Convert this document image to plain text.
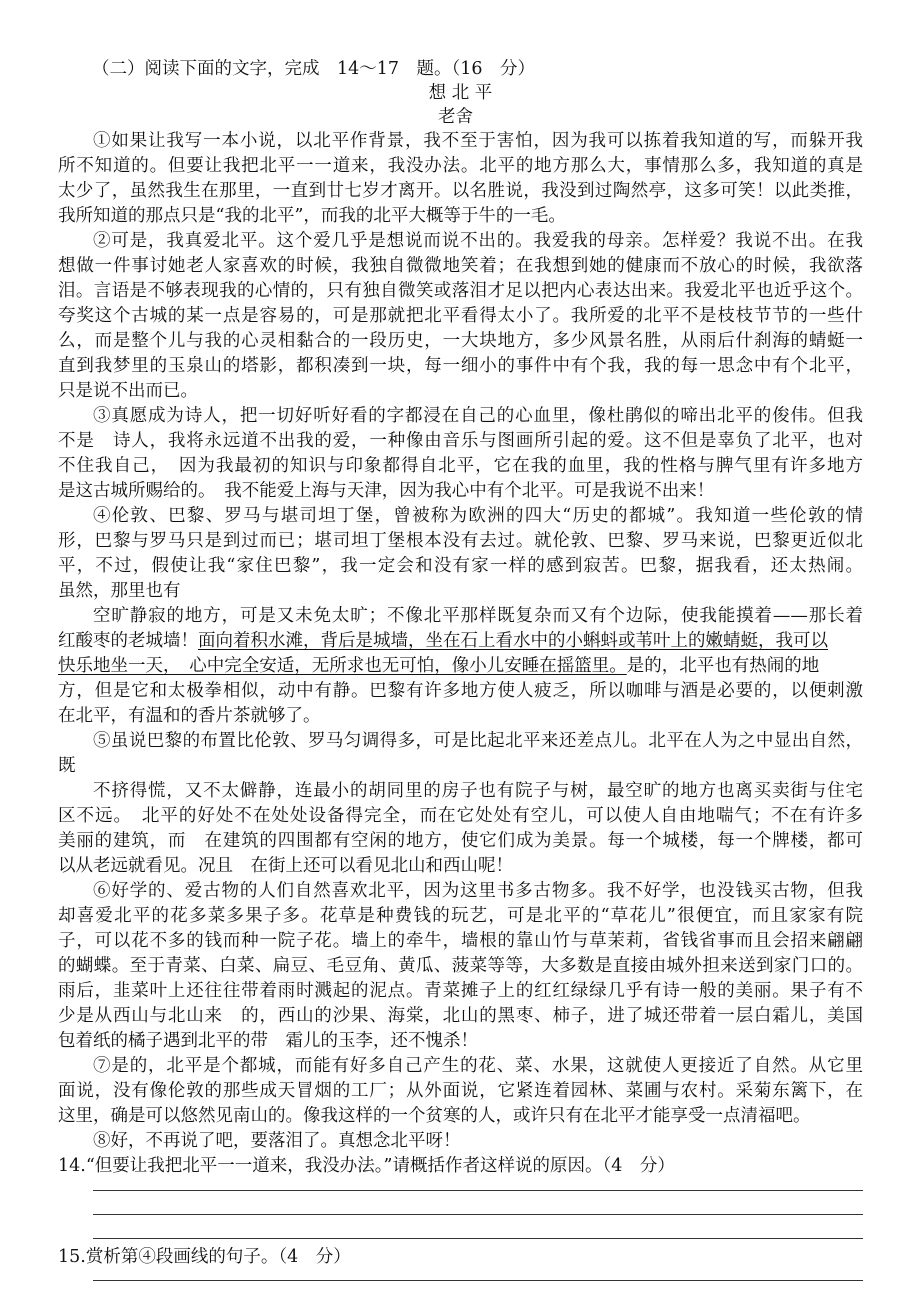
（二）阅读下面的文字，完成　14～17　题。（16　分）
想 北 平
老舍
①如果让我写一本小说，以北平作背景，我不至于害怕，因为我可以拣着我知道的写，而躲开我
所不知道的。但要让我把北平一一道来，我没办法。北平的地方那么大，事情那么多，我知道的真是
太少了，虽然我生在那里，一直到廿七岁才离开。以名胜说，我没到过陶然亭，这多可笑！以此类推，
我所知道的那点只是“我的北平”，而我的北平大概等于牛的一毛。
②可是，我真爱北平。这个爱几乎是想说而说不出的。我爱我的母亲。怎样爱？我说不出。在我
想做一件事讨她老人家喜欢的时候，我独自微微地笑着；在我想到她的健康而不放心的时候，我欲落
泪。言语是不够表现我的心情的，只有独自微笑或落泪才足以把内心表达出来。我爱北平也近乎这个。
夸奖这个古城的某一点是容易的，可是那就把北平看得太小了。我所爱的北平不是枝枝节节的一些什
么，而是整个儿与我的心灵相黏合的一段历史，一大块地方，多少风景名胜，从雨后什刹海的蜻蜓一
直到我梦里的玉泉山的塔影，都积凑到一块，每一细小的事件中有个我，我的每一思念中有个北平，
只是说不出而已。
③真愿成为诗人，把一切好听好看的字都浸在自己的心血里，像杜鹃似的啼出北平的俊伟。但我
不是　诗人，我将永远道不出我的爱，一种像由音乐与图画所引起的爱。这不但是辜负了北平，也对
不住我自己，　因为我最初的知识与印象都得自北平，它在我的血里，我的性格与脾气里有许多地方
是这古城所赐给的。　我不能爱上海与天津，因为我心中有个北平。可是我说不出来！
④伦敦、巴黎、罗马与堪司坦丁堡，曾被称为欧洲的四大“历史的都城”。我知道一些伦敦的情
形，巴黎与罗马只是到过而已；堪司坦丁堡根本没有去过。就伦敦、巴黎、罗马来说，巴黎更近似北
平，不过，假使让我“家住巴黎”，我一定会和没有家一样的感到寂苦。巴黎，据我看，还太热闹。
虽然，那里也有
空旷静寂的地方，可是又未免太旷；不像北平那样既复杂而又有个边际，使我能摸着——那长着
红酸枣的老城墙！面向着积水滩，背后是城墙，坐在石上看水中的小蝌蚪或苇叶上的嫩蜻蜓，我可以
快乐地坐一天，　心中完全安适，无所求也无可怕，像小儿安睡在摇篮里。是的，北平也有热闹的地
方，但是它和太极拳相似，动中有静。巴黎有许多地方使人疲乏，所以咖啡与酒是必要的，以便刺激
在北平，有温和的香片茶就够了。
⑤虽说巴黎的布置比伦敦、罗马匀调得多，可是比起北平来还差点儿。北平在人为之中显出自然，
既
不挤得慌，又不太僻静，连最小的胡同里的房子也有院子与树，最空旷的地方也离买卖街与住宅
区不远。　北平的好处不在处处设备得完全，而在它处处有空儿，可以使人自由地喘气；不在有许多
美丽的建筑，而　在建筑的四围都有空闲的地方，使它们成为美景。每一个城楼，每一个牌楼，都可
以从老远就看见。况且　在街上还可以看见北山和西山呢！
⑥好学的、爱古物的人们自然喜欢北平，因为这里书多古物多。我不好学，也没钱买古物，但我
却喜爱北平的花多菜多果子多。花草是种费钱的玩艺，可是北平的“草花儿”很便宜，而且家家有院
子，可以花不多的钱而种一院子花。墙上的牵牛，墙根的靠山竹与草茉莉，省钱省事而且会招来翩翩
的蝴蝶。至于青菜、白菜、扁豆、毛豆角、黄瓜、菠菜等等，大多数是直接由城外担来送到家门口的。
雨后，韭菜叶上还往往带着雨时溅起的泥点。青菜摊子上的红红绿绿几乎有诗一般的美丽。果子有不
少是从西山与北山来　的，西山的沙果、海棠，北山的黑枣、柿子，进了城还带着一层白霜儿，美国
包着纸的橘子遇到北平的带　霜儿的玉李，还不愧杀！
⑦是的，北平是个都城，而能有好多自己产生的花、菜、水果，这就使人更接近了自然。从它里
面说，没有像伦敦的那些成天冒烟的工厂；从外面说，它紧连着园林、菜圃与农村。采菊东篱下，在
这里，确是可以悠然见南山的。像我这样的一个贫寒的人，或许只有在北平才能享受一点清福吧。
⑧好，不再说了吧，要落泪了。真想念北平呀！
14.“但要让我把北平一一道来，我没办法。”请概括作者这样说的原因。（4　分）
15.赏析第④段画线的句子。（4　分）
